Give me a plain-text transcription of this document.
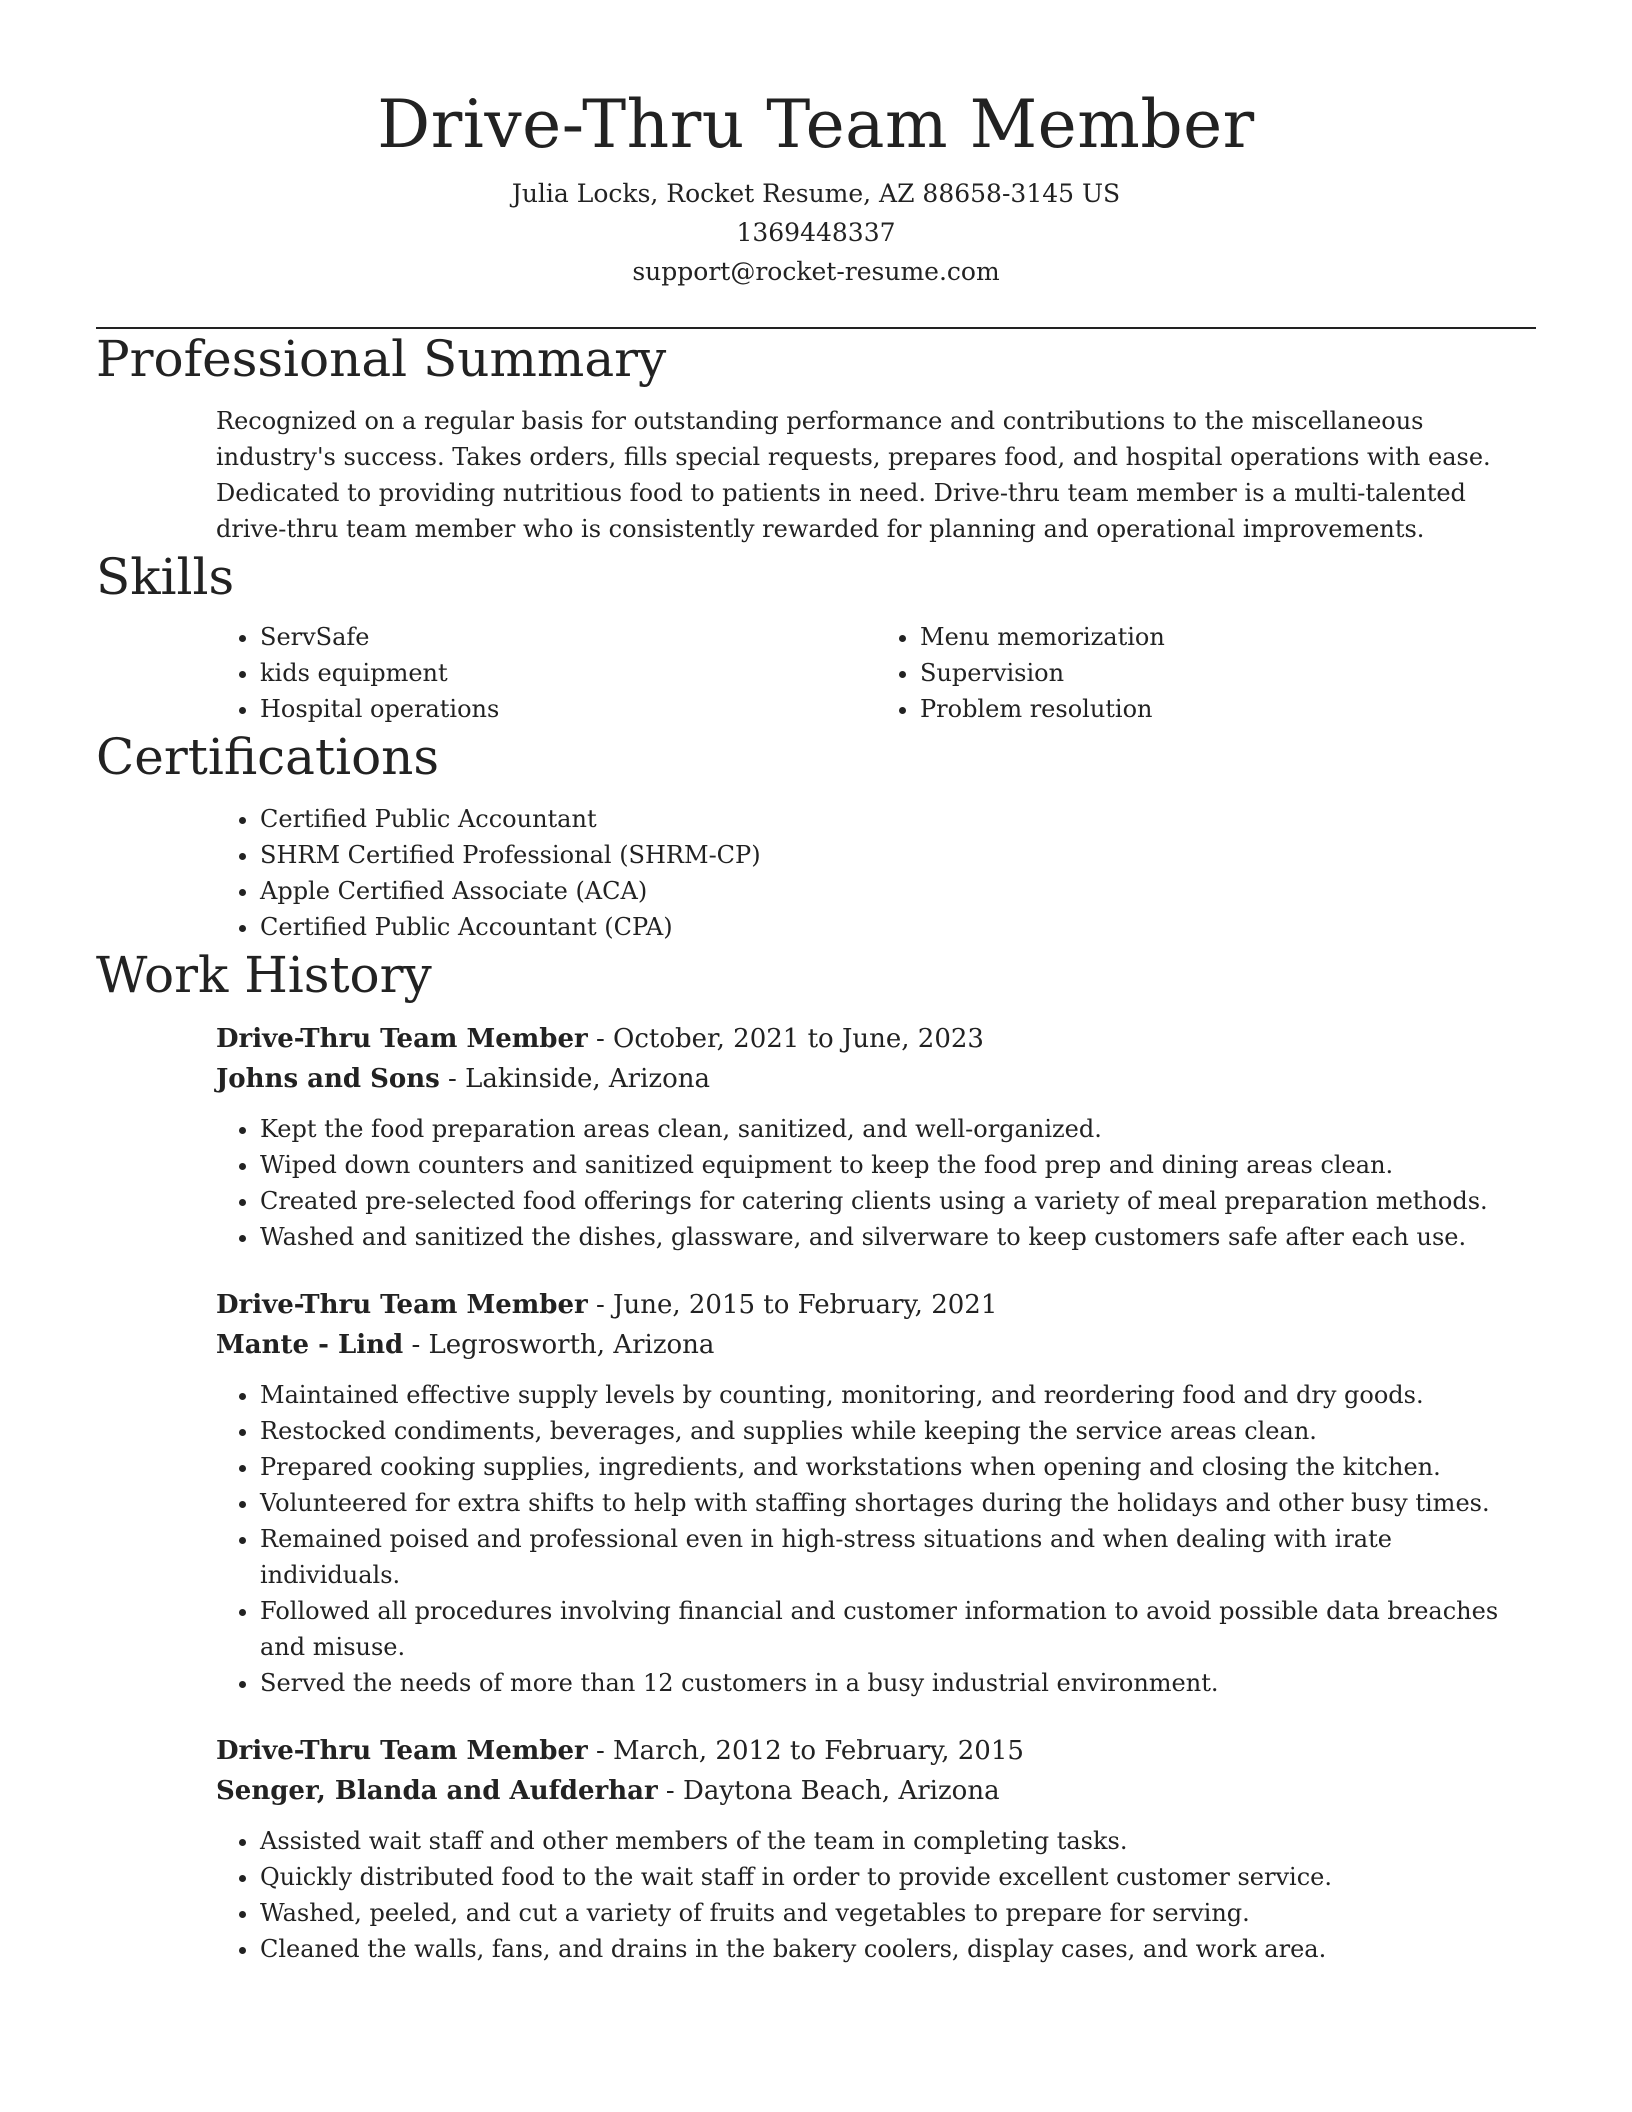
Drive-Thru Team Member
Julia Locks, Rocket Resume, AZ 88658-3145 US
1369448337
support@rocket-resume.com
Professional Summary

Recognized on a regular basis for outstanding performance and contributions to the miscellaneous industry's success. Takes orders, fills special requests, prepares food, and hospital operations with ease. Dedicated to providing nutritious food to patients in need. Drive-thru team member is a multi-talented drive-thru team member who is consistently rewarded for planning and operational improvements.

Skills
• ServSafe
• kids equipment
• Hospital operations
• Menu memorization
• Supervision
• Problem resolution
Certifications
• Certified Public Accountant
• SHRM Certified Professional (SHRM-CP)
• Apple Certified Associate (ACA)
• Certified Public Accountant (CPA)
Work History
Drive-Thru Team Member - October, 2021 to June, 2023
Johns and Sons - Lakinside, Arizona
• Kept the food preparation areas clean, sanitized, and well-organized.
• Wiped down counters and sanitized equipment to keep the food prep and dining areas clean.
• Created pre-selected food offerings for catering clients using a variety of meal preparation methods.
• Washed and sanitized the dishes, glassware, and silverware to keep customers safe after each use.
Drive-Thru Team Member - June, 2015 to February, 2021
Mante - Lind - Legrosworth, Arizona
• Maintained effective supply levels by counting, monitoring, and reordering food and dry goods.
• Restocked condiments, beverages, and supplies while keeping the service areas clean.
• Prepared cooking supplies, ingredients, and workstations when opening and closing the kitchen.
• Volunteered for extra shifts to help with staffing shortages during the holidays and other busy times.
• Remained poised and professional even in high-stress situations and when dealing with irate individuals.
• Followed all procedures involving financial and customer information to avoid possible data breaches and misuse.
• Served the needs of more than 12 customers in a busy industrial environment.
Drive-Thru Team Member - March, 2012 to February, 2015
Senger, Blanda and Aufderhar - Daytona Beach, Arizona
• Assisted wait staff and other members of the team in completing tasks.
• Quickly distributed food to the wait staff in order to provide excellent customer service.
• Washed, peeled, and cut a variety of fruits and vegetables to prepare for serving.
• Cleaned the walls, fans, and drains in the bakery coolers, display cases, and work area.
